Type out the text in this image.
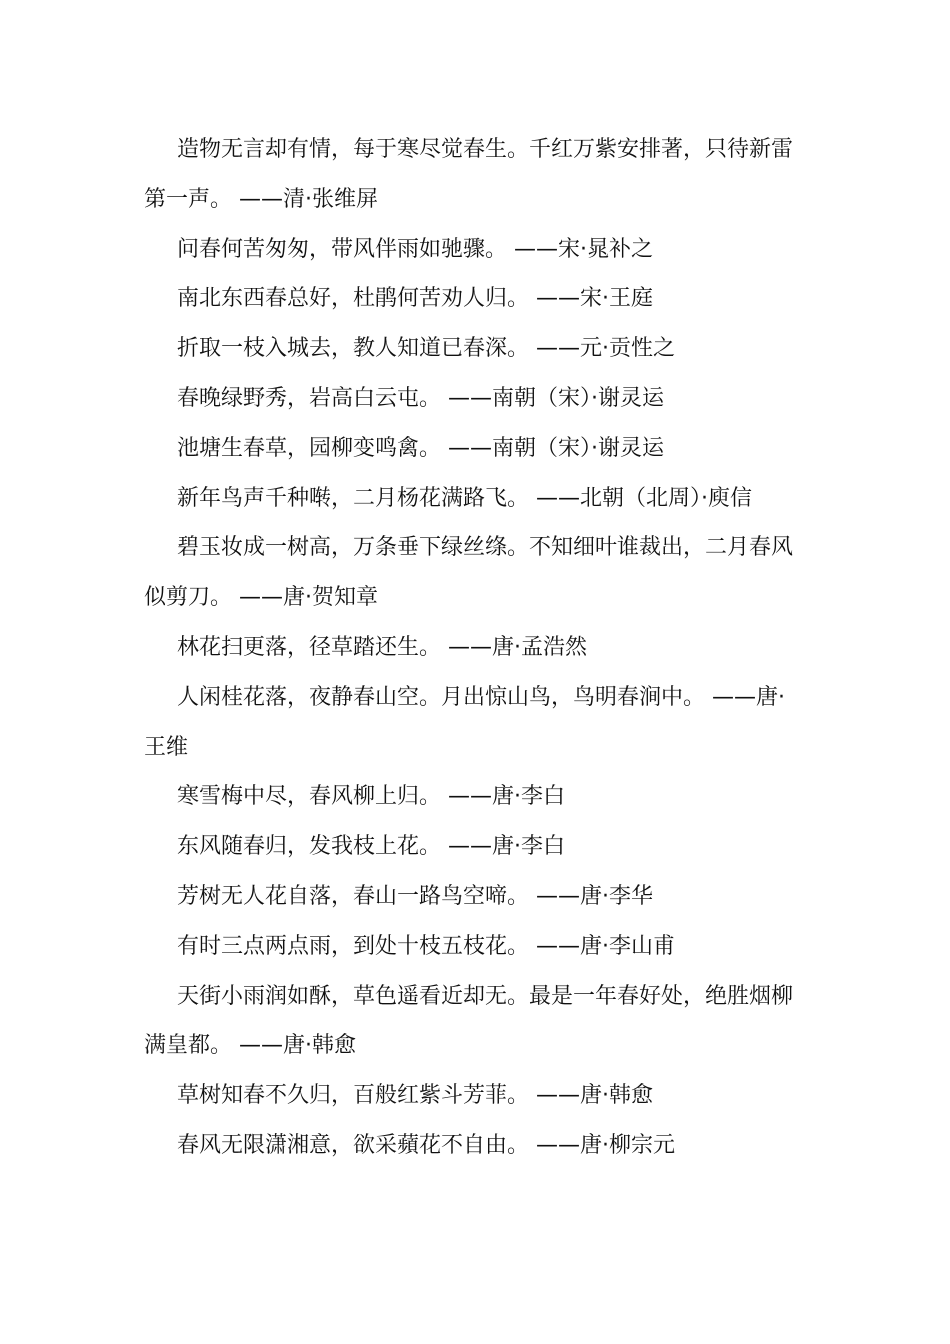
造物无言却有情，每于寒尽觉春生。千红万紫安排著，只待新雷第一声。 ——清·张维屏

问春何苦匆匆，带风伴雨如驰骤。 ——宋·晁补之

南北东西春总好，杜鹃何苦劝人归。 ——宋·王庭

折取一枝入城去，教人知道已春深。 ——元·贡性之

春晚绿野秀，岩高白云屯。 ——南朝（宋）·谢灵运

池塘生春草，园柳变鸣禽。 ——南朝（宋）·谢灵运

新年鸟声千种啭，二月杨花满路飞。 ——北朝（北周）·庾信

碧玉妆成一树高，万条垂下绿丝绦。不知细叶谁裁出，二月春风似剪刀。 ——唐·贺知章

林花扫更落，径草踏还生。 ——唐·孟浩然

人闲桂花落，夜静春山空。月出惊山鸟，鸟明春涧中。 ——唐·王维

寒雪梅中尽，春风柳上归。 ——唐·李白

东风随春归，发我枝上花。 ——唐·李白

芳树无人花自落，春山一路鸟空啼。 ——唐·李华

有时三点两点雨，到处十枝五枝花。 ——唐·李山甫

天街小雨润如酥，草色遥看近却无。最是一年春好处，绝胜烟柳满皇都。 ——唐·韩愈

草树知春不久归，百般红紫斗芳菲。 ——唐·韩愈

春风无限潇湘意，欲采蘋花不自由。 ——唐·柳宗元
